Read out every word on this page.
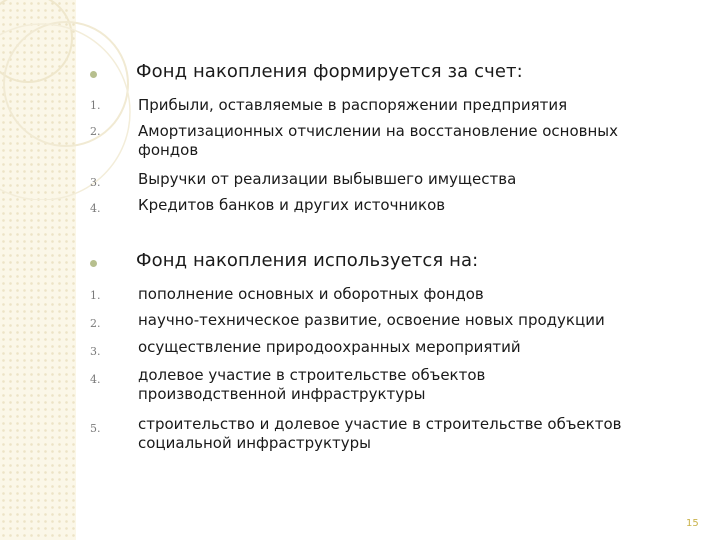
Фонд накопления формируется за счет:
1.	Прибыли, оставляемые в распоряжении предприятия
2.	Амортизационных отчислении на восстановление основных фондов
3.	Выручки от реализации выбывшего имущества
4.	Кредитов банков и других источников
Фонд накопления используется на:
1.	пополнение основных и оборотных фондов
2.	научно-техническое развитие, освоение новых продукции
3.	осуществление природоохранных мероприятий
4.	долевое участие в строительстве объектов производственной инфраструктуры
5.	строительство и долевое участие в строительстве объектов социальной инфраструктуры
15
